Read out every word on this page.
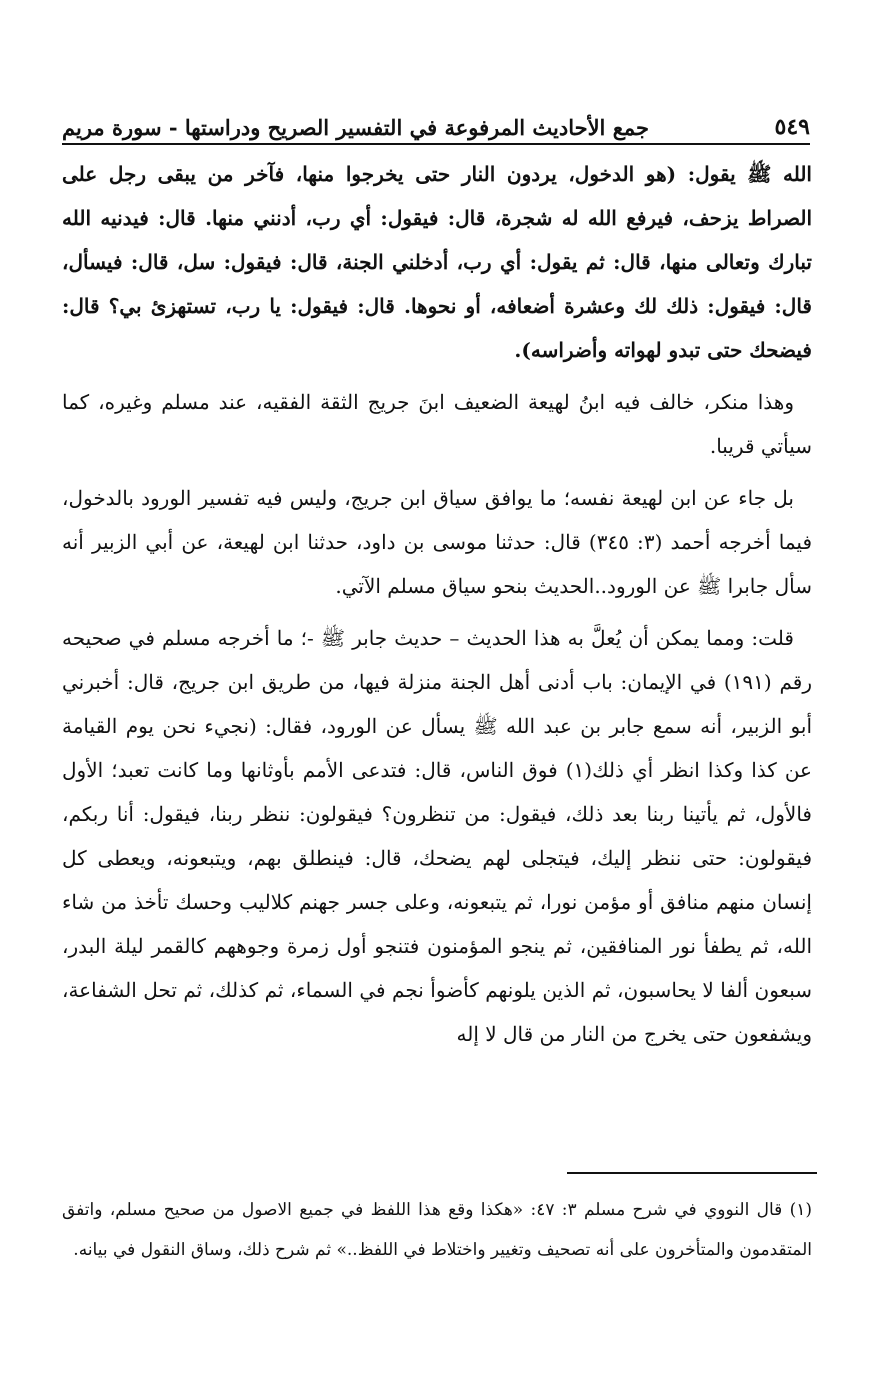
جمع الأحاديث المرفوعة في التفسير الصريح ودراستها - سورة مريم	٥٤٩

الله ﷺ يقول: (هو الدخول، يردون النار حتى يخرجوا منها، فآخر من يبقى رجل على الصراط يزحف، فيرفع الله له شجرة، قال: فيقول: أي رب، أدنني منها. قال: فيدنيه الله تبارك وتعالى منها، قال: ثم يقول: أي رب، أدخلني الجنة، قال: فيقول: سل، قال: فيسأل، قال: فيقول: ذلك لك وعشرة أضعافه، أو نحوها. قال: فيقول: يا رب، تستهزئ بي؟ قال: فيضحك حتى تبدو لهواته وأضراسه).

وهذا منكر، خالف فيه ابنُ لهيعة الضعيف ابنَ جريج الثقة الفقيه، عند مسلم وغيره، كما سيأتي قريبا.

بل جاء عن ابن لهيعة نفسه؛ ما يوافق سياق ابن جريج، وليس فيه تفسير الورود بالدخول، فيما أخرجه أحمد (٣: ٣٤٥) قال: حدثنا موسى بن داود، حدثنا ابن لهيعة، عن أبي الزبير أنه سأل جابرا ﷺ عن الورود..الحديث بنحو سياق مسلم الآتي.

قلت: ومما يمكن أن يُعلَّ به هذا الحديث – حديث جابر ﷺ -؛ ما أخرجه مسلم في صحيحه رقم (١٩١) في الإيمان: باب أدنى أهل الجنة منزلة فيها، من طريق ابن جريج، قال: أخبرني أبو الزبير، أنه سمع جابر بن عبد الله ﷺ يسأل عن الورود، فقال: (نجيء نحن يوم القيامة عن كذا وكذا انظر أي ذلك(١) فوق الناس، قال: فتدعى الأمم بأوثانها وما كانت تعبد؛ الأول فالأول، ثم يأتينا ربنا بعد ذلك، فيقول: من تنظرون؟ فيقولون: ننظر ربنا، فيقول: أنا ربكم، فيقولون: حتى ننظر إليك، فيتجلى لهم يضحك، قال: فينطلق بهم، ويتبعونه، ويعطى كل إنسان منهم منافق أو مؤمن نورا، ثم يتبعونه، وعلى جسر جهنم كلاليب وحسك تأخذ من شاء الله، ثم يطفأ نور المنافقين، ثم ينجو المؤمنون فتنجو أول زمرة وجوههم كالقمر ليلة البدر، سبعون ألفا لا يحاسبون، ثم الذين يلونهم كأضوأ نجم في السماء، ثم كذلك، ثم تحل الشفاعة، ويشفعون حتى يخرج من النار من قال لا إله

(١) قال النووي في شرح مسلم ٣: ٤٧: «هكذا وقع هذا اللفظ في جميع الاصول من صحيح مسلم، واتفق المتقدمون والمتأخرون على أنه تصحيف وتغيير واختلاط في اللفظ..» ثم شرح ذلك، وساق النقول في بيانه.
